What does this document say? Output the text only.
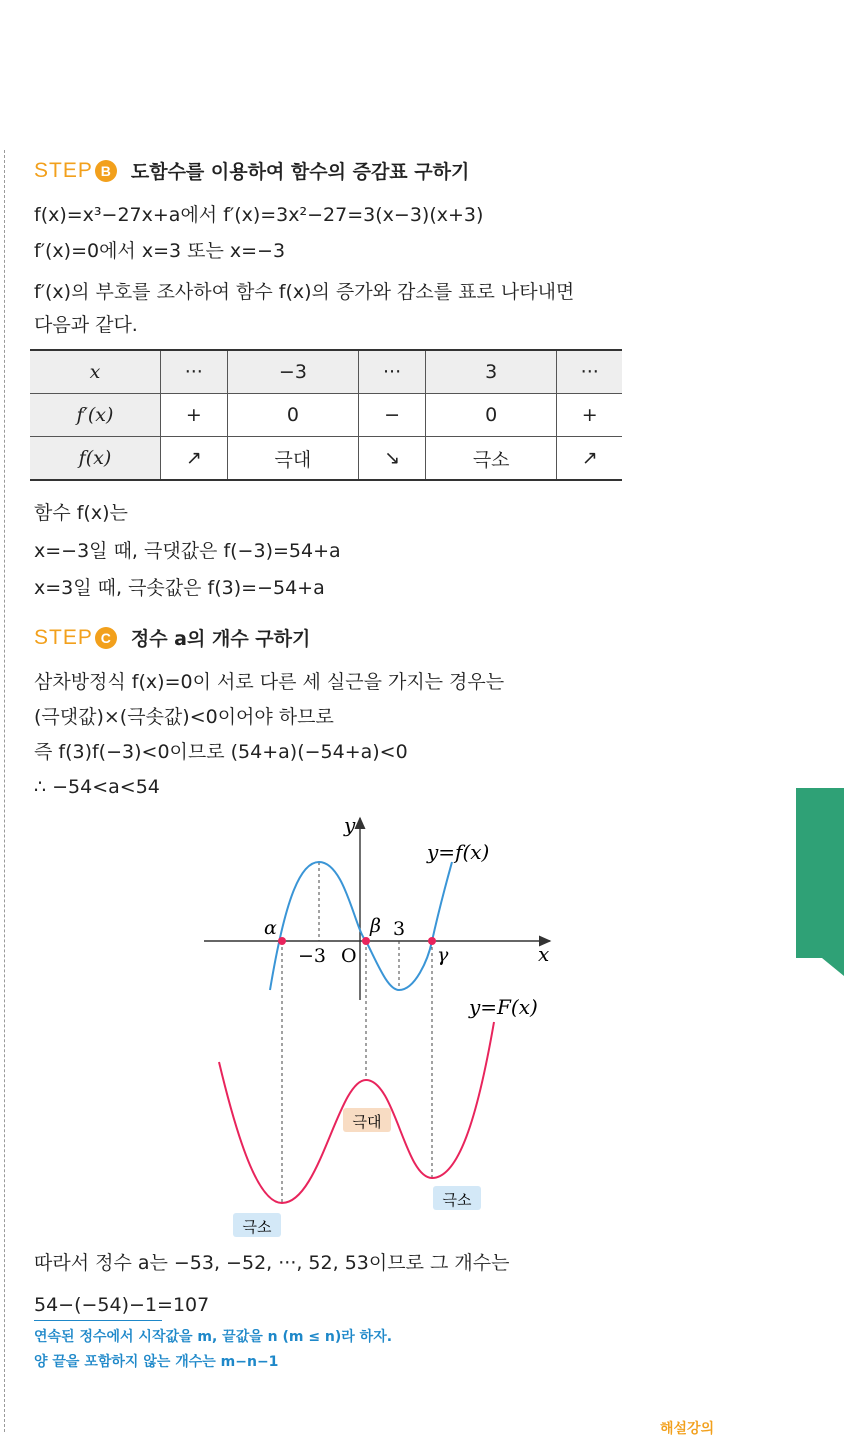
STEP B	도함수를 이용하여 함수의 증감표 구하기
f(x)=x³−27x+a에서 f′(x)=3x²−27=3(x−3)(x+3)
f′(x)=0에서 x=3 또는 x=−3
f′(x)의 부호를 조사하여 함수 f(x)의 증가와 감소를 표로 나타내면
다음과 같다.
x	···	−3	···	3	···
f′(x)	+	0	−	0	+
f(x)	↗	극대	↘	극소	↗
함수 f(x)는
x=−3일 때, 극댓값은 f(−3)=54+a
x=3일 때, 극솟값은 f(3)=−54+a
STEP C	정수 a의 개수 구하기
삼차방정식 f(x)=0이 서로 다른 세 실근을 가지는 경우는
(극댓값)×(극솟값)<0이어야 하므로
즉 f(3)f(−3)<0이므로 (54+a)(−54+a)<0
∴ −54<a<54
y
x
O
−3
3
α	β
γ
y=f(x)
y=F(x)
극대
극소
극소
따라서 정수 a는 −53, −52, ···, 52, 53이므로 그 개수는
54−(−54)−1=107
연속된 정수에서 시작값을 m, 끝값을 n (m ≤ n)라 하자.
양 끝을 포함하지 않는 개수는 m−n−1
해설강의
